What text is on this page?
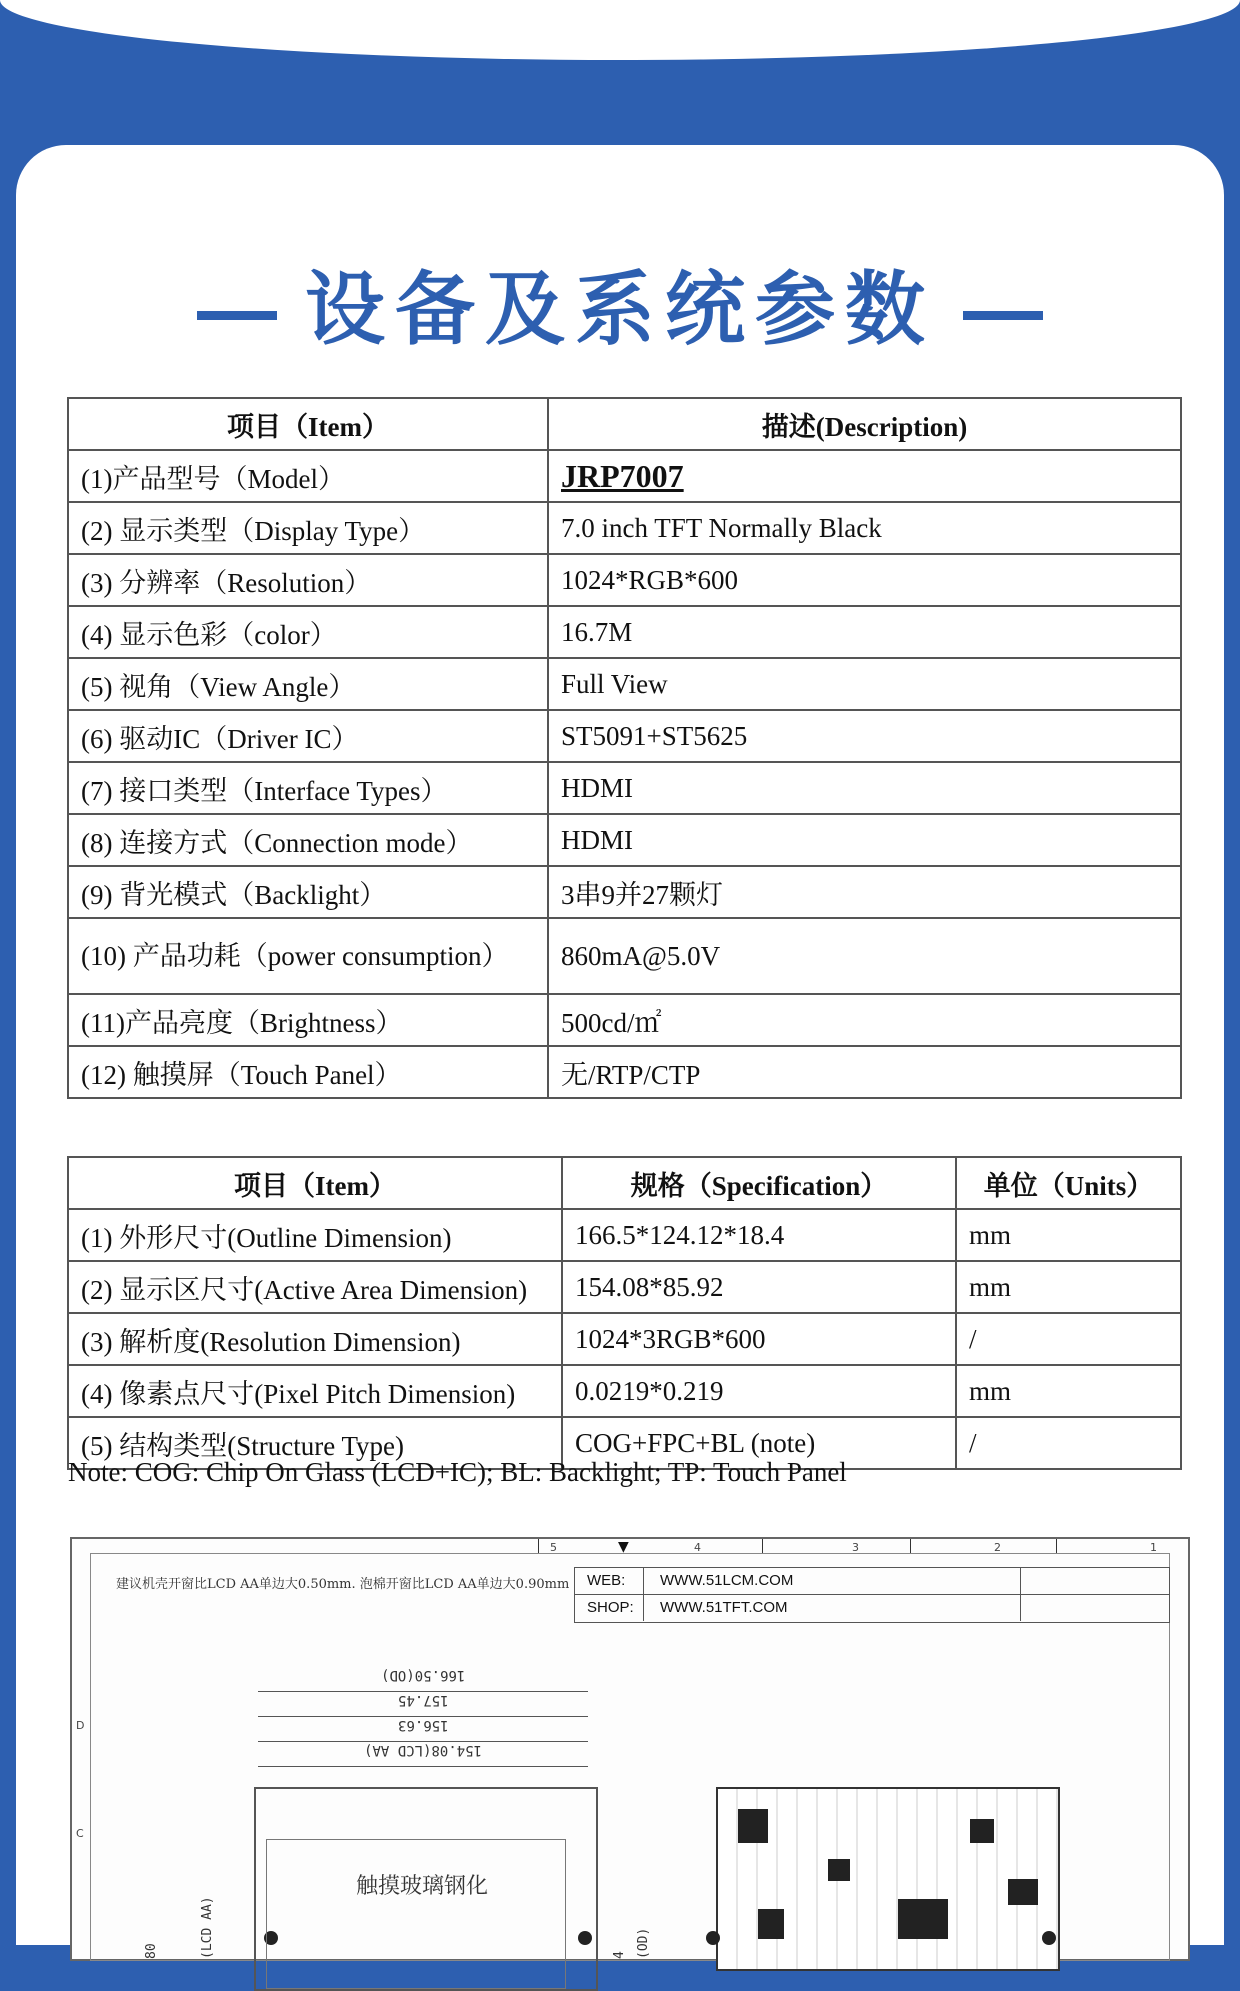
设备及系统参数
项目（Item）	描述(Description)
(1)产品型号（Model）	JRP7007
(2) 显示类型（Display Type）	7.0 inch TFT Normally Black
(3) 分辨率（Resolution）	1024*RGB*600
(4) 显示色彩（color）	16.7M
(5) 视角（View Angle）	Full View
(6) 驱动IC（Driver IC）	ST5091+ST5625
(7) 接口类型（Interface Types）	HDMI
(8) 连接方式（Connection mode）	HDMI
(9) 背光模式（Backlight）	3串9并27颗灯
(10) 产品功耗（power consumption）	860mA@5.0V
(11)产品亮度（Brightness）	500cd/㎡
(12) 触摸屏（Touch Panel）	无/RTP/CTP
项目（Item）	规格（Specification）	单位（Units）
(1) 外形尺寸(Outline Dimension)	166.5*124.12*18.4	mm
(2) 显示区尺寸(Active Area Dimension)	154.08*85.92	mm
(3) 解析度(Resolution Dimension)	1024*3RGB*600	/
(4) 像素点尺寸(Pixel Pitch Dimension)	0.0219*0.219	mm
(5) 结构类型(Structure Type)	COG+FPC+BL (note)	/
Note: COG: Chip On Glass (LCD+IC); BL: Backlight; TP: Touch Panel
5	4	3	2	1
▼
D
C
建议机壳开窗比LCD AA单边大0.50mm. 泡棉开窗比LCD AA单边大0.90mm	WEB:	WWW.51LCM.COM
SHOP:	WWW.51TFT.COM
166.50(OD)
157.45
156.63
154.08(LCD AA)
触摸玻璃钢化
80	(LCD AA)	4 (OD)
